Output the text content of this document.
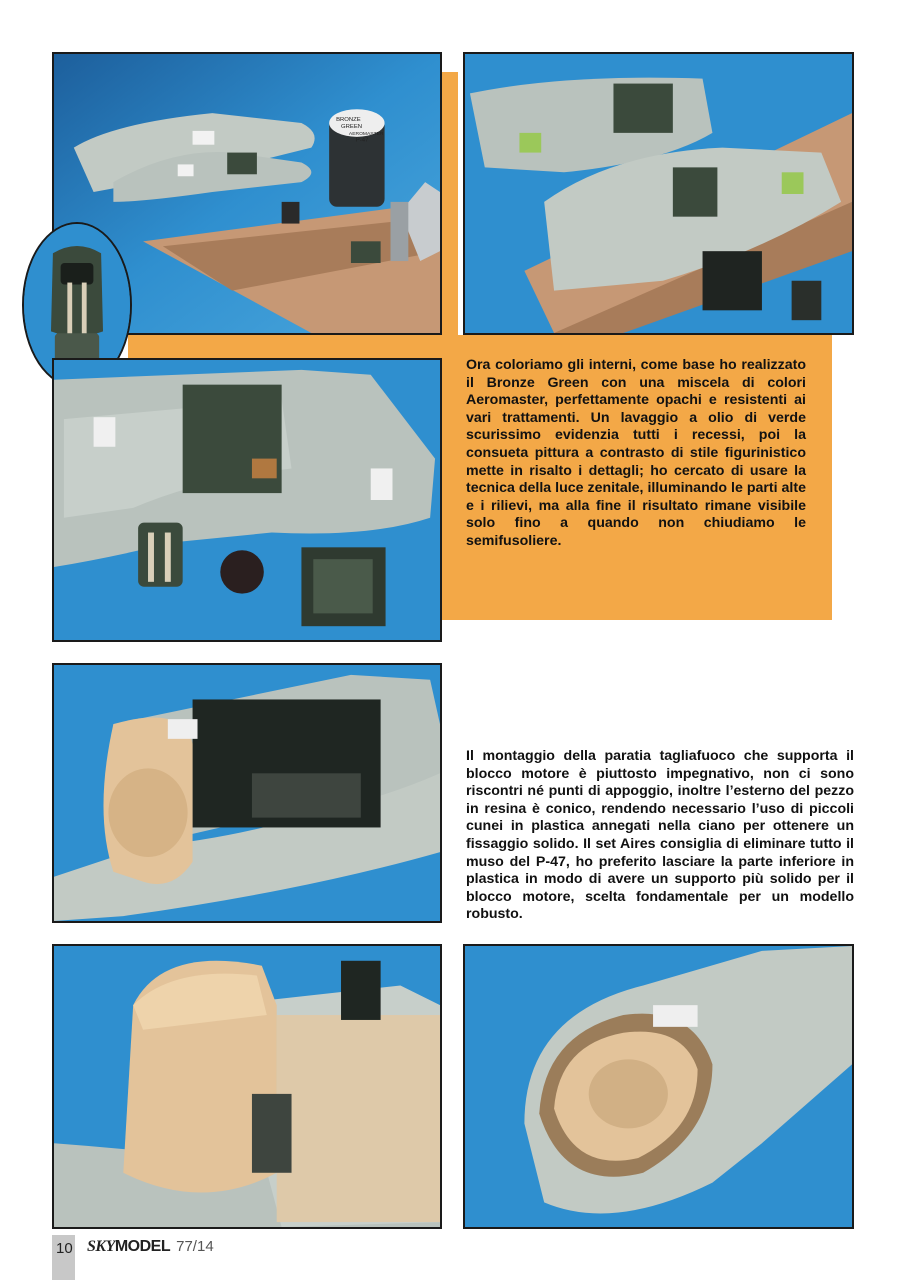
BRONZE
GREEN
AEROMASTER
P-47

Ora coloriamo gli interni, come base ho realizzato il Bronze Green con una miscela di colori Aeromaster, perfettamente opachi e resistenti ai vari trattamenti. Un lavaggio a olio di verde scurissimo evidenzia tutti i recessi, poi la consueta pittura a contrasto di stile figurinistico mette in risalto i dettagli; ho cercato di usare la tecnica della luce zenitale, illuminando le parti alte e i rilievi, ma alla fine il risultato rimane visibile solo fino a quando non chiudiamo le semifusoliere.

Il montaggio della paratia tagliafuoco che supporta il blocco motore è piuttosto impegnativo, non ci sono riscontri né punti di appoggio, inoltre l’esterno del pezzo in resina è conico, rendendo necessario l’uso di piccoli cunei in plastica annegati nella ciano per ottenere un fissaggio solido. Il set Aires consiglia di eliminare tutto il muso del P-47, ho preferito lasciare la parte inferiore in plastica in modo di avere un supporto più solido per il blocco motore, scelta fondamentale per un modello robusto.

10 SKYMODEL 77/14
